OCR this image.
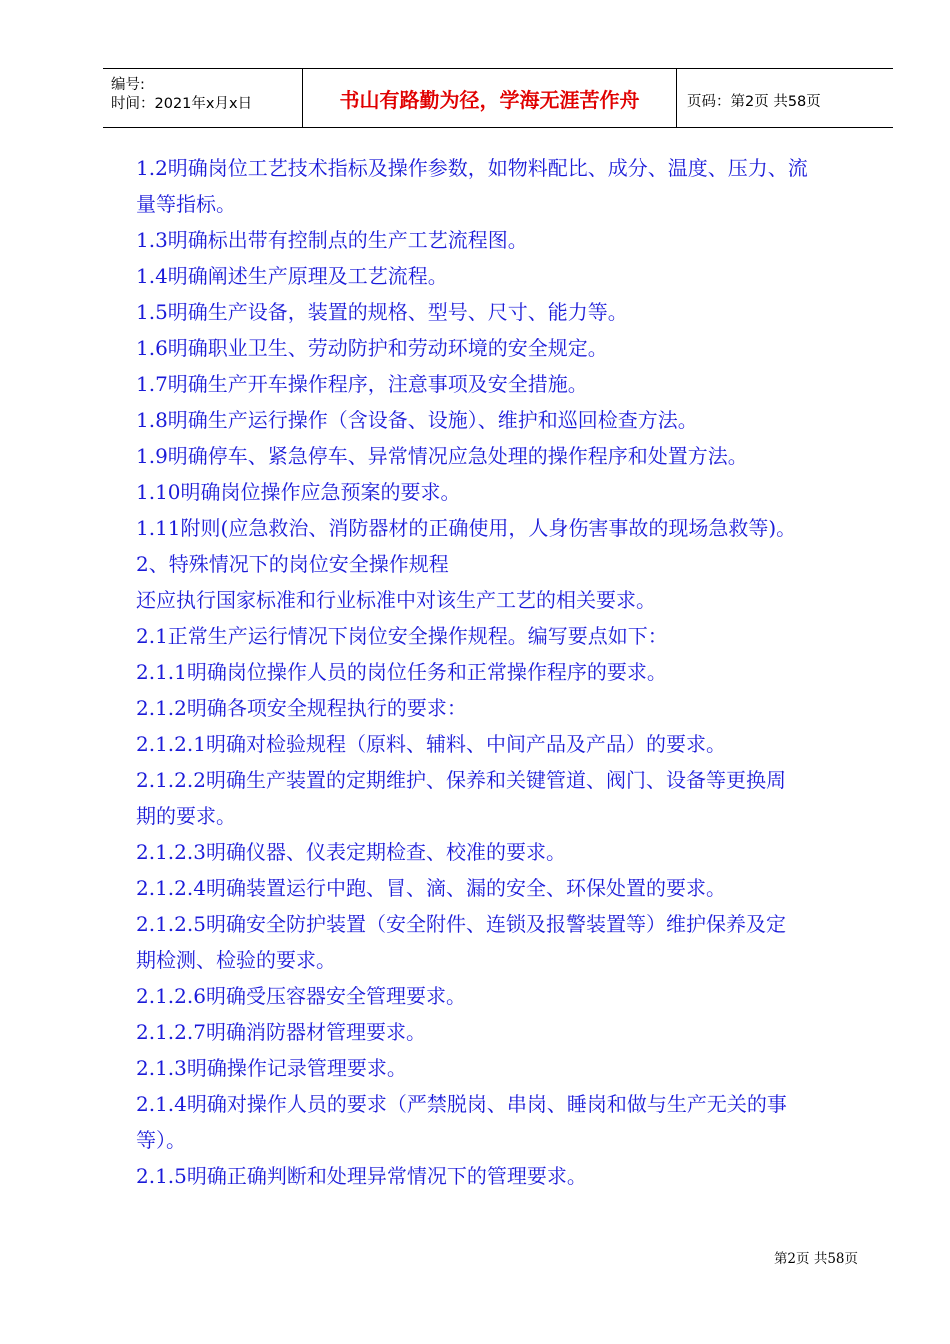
编号:
时间：2021年x月x日	书山有路勤为径，学海无涯苦作舟	页码：第2页 共58页

1.2明确岗位工艺技术指标及操作参数，如物料配比、成分、温度、压力、流

量等指标。

1.3明确标出带有控制点的生产工艺流程图。

1.4明确阐述生产原理及工艺流程。

1.5明确生产设备，装置的规格、型号、尺寸、能力等。

1.6明确职业卫生、劳动防护和劳动环境的安全规定。

1.7明确生产开车操作程序，注意事项及安全措施。

1.8明确生产运行操作（含设备、设施）、维护和巡回检查方法。

1.9明确停车、紧急停车、异常情况应急处理的操作程序和处置方法。

1.10明确岗位操作应急预案的要求。

1.11附则(应急救治、消防器材的正确使用，人身伤害事故的现场急救等)。

2、特殊情况下的岗位安全操作规程

还应执行国家标准和行业标准中对该生产工艺的相关要求。

2.1正常生产运行情况下岗位安全操作规程。编写要点如下：

2.1.1明确岗位操作人员的岗位任务和正常操作程序的要求。

2.1.2明确各项安全规程执行的要求：

2.1.2.1明确对检验规程（原料、辅料、中间产品及产品）的要求。

2.1.2.2明确生产装置的定期维护、保养和关键管道、阀门、设备等更换周

期的要求。

2.1.2.3明确仪器、仪表定期检查、校准的要求。

2.1.2.4明确装置运行中跑、冒、滴、漏的安全、环保处置的要求。

2.1.2.5明确安全防护装置（安全附件、连锁及报警装置等）维护保养及定

期检测、检验的要求。

2.1.2.6明确受压容器安全管理要求。

2.1.2.7明确消防器材管理要求。

2.1.3明确操作记录管理要求。

2.1.4明确对操作人员的要求（严禁脱岗、串岗、睡岗和做与生产无关的事

等）。

2.1.5明确正确判断和处理异常情况下的管理要求。

第2页 共58页
